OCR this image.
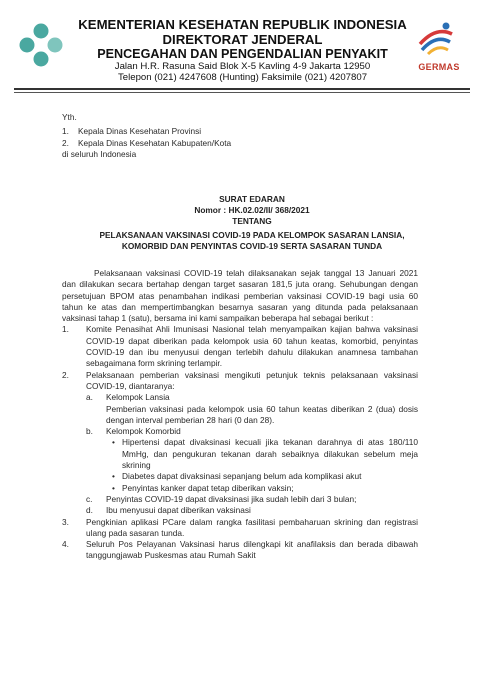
GERMAS
KEMENTERIAN KESEHATAN REPUBLIK INDONESIA
DIREKTORAT JENDERAL
PENCEGAHAN DAN PENGENDALIAN PENYAKIT
Jalan H.R. Rasuna Said Blok X-5 Kavling 4-9 Jakarta 12950
Telepon (021) 4247608 (Hunting) Faksimile (021) 4207807
Yth.
1.	Kepala Dinas Kesehatan Provinsi
2.	Kepala Dinas Kesehatan Kabupaten/Kota
di seluruh Indonesia
SURAT EDARAN
Nomor : HK.02.02/II/ 368/2021
TENTANG
PELAKSANAAN VAKSINASI COVID-19 PADA KELOMPOK SASARAN LANSIA,
KOMORBID DAN PENYINTAS COVID-19 SERTA SASARAN TUNDA

Pelaksanaan vaksinasi COVID-19 telah dilaksanakan sejak tanggal 13 Januari 2021 dan dilakukan secara bertahap dengan target sasaran 181,5 juta orang. Sehubungan dengan persetujuan BPOM atas penambahan indikasi pemberian vaksinasi COVID-19 bagi usia 60 tahun ke atas dan mempertimbangkan besarnya sasaran yang ditunda pada pelaksanaan vaksinasi tahap 1 (satu), bersama ini kami sampaikan beberapa hal sebagai berikut :

1.	Komite Penasihat Ahli Imunisasi Nasional telah menyampaikan kajian bahwa vaksinasi COVID-19 dapat diberikan pada kelompok usia 60 tahun keatas, komorbid, penyintas COVID-19 dan ibu menyusui dengan terlebih dahulu dilakukan anamnesa tambahan sebagaimana form skrining terlampir.
2.	Pelaksanaan pemberian vaksinasi mengikuti petunjuk teknis pelaksanaan vaksinasi COVID-19, diantaranya:
a.	Kelompok Lansia
Pemberian vaksinasi pada kelompok usia 60 tahun keatas diberikan 2 (dua) dosis dengan interval pemberian 28 hari (0 dan 28).
b.	Kelompok Komorbid
• Hipertensi dapat divaksinasi kecuali jika tekanan darahnya di atas 180/110 MmHg, dan pengukuran tekanan darah sebaiknya dilakukan sebelum meja skrining
• Diabetes dapat divaksinasi sepanjang belum ada komplikasi akut
• Penyintas kanker dapat tetap diberikan vaksin;
c.	Penyintas COVID-19 dapat divaksinasi jika sudah lebih dari 3 bulan;
d.	Ibu menyusui dapat diberikan vaksinasi
3.	Pengkinian aplikasi PCare dalam rangka fasilitasi pembaharuan skrining dan registrasi ulang pada sasaran tunda.
4.	Seluruh Pos Pelayanan Vaksinasi harus dilengkapi kit anafilaksis dan berada dibawah tanggungjawab Puskesmas atau Rumah Sakit
